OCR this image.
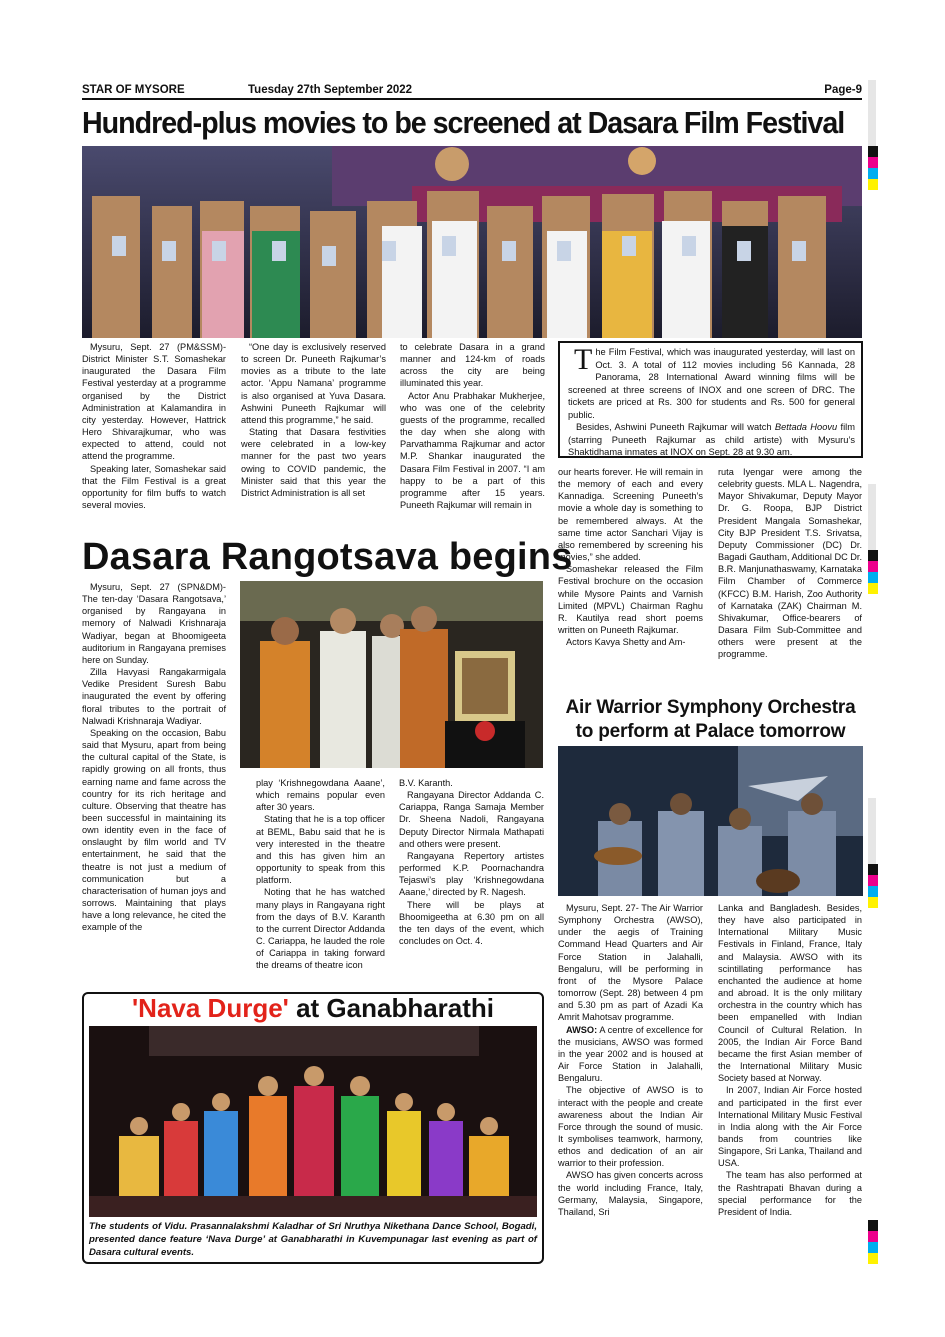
STAR OF MYSORE	Tuesday 27th September 2022	Page-9
Hundred-plus movies to be screened at Dasara Film Festival

Mysuru, Sept. 27 (PM&SSM)- District Minister S.T. Somashekar inaugurated the Dasara Film Festival yesterday at a programme organised by the District Administration at Kalamandira in city yesterday. However, Hattrick Hero Shivarajkumar, who was expected to attend, could not attend the programme.

Speaking later, Somashekar said that the Film Festival is a great opportunity for film buffs to watch several movies.

“One day is exclusively reserved to screen Dr. Puneeth Rajkumar’s movies as a tribute to the late actor. ‘Appu Namana’ programme is also organised at Yuva Dasara. Ashwini Puneeth Rajkumar will attend this programme,” he said.

Stating that Dasara festivities were celebrated in a low-key manner for the past two years owing to COVID pandemic, the Minister said that this year the District Administration is all set

to celebrate Dasara in a grand manner and 124-km of roads across the city are being illuminated this year.

Actor Anu Prabhakar Mukherjee, who was one of the celebrity guests of the programme, recalled the day when she along with Parvathamma Rajkumar and actor M.P. Shankar inaugurated the Dasara Film Festival in 2007. “I am happy to be a part of this programme after 15 years. Puneeth Rajkumar will remain in

The Film Festival, which was inaugurated yesterday, will last on Oct. 3. A total of 112 movies including 56 Kannada, 28 Panorama, 28 International Award winning films will be screened at three screens of INOX and one screen of DRC. The tickets are priced at Rs. 300 for students and Rs. 500 for general public.

Besides, Ashwini Puneeth Rajkumar will watch Bettada Hoovu film (starring Puneeth Rajkumar as child artiste) with Mysuru’s Shaktidhama inmates at INOX on Sept. 28 at 9.30 am.

our hearts forever. He will remain in the memory of each and every Kannadiga. Screening Puneeth’s movie a whole day is something to be remembered always. At the same time actor Sanchari Vijay is also remembered by screening his movies,” she added.

Somashekar released the Film Festival brochure on the occasion while Mysore Paints and Varnish Limited (MPVL) Chairman Raghu R. Kautilya read short poems written on Puneeth Rajkumar.

Actors Kavya Shetty and Am-

ruta Iyengar were among the celebrity guests. MLA L. Nagendra, Mayor Shivakumar, Deputy Mayor Dr. G. Roopa, BJP District President Mangala Somashekar, City BJP President T.S. Srivatsa, Deputy Commissioner (DC) Dr. Bagadi Gautham, Additional DC Dr. B.R. Manjunathaswamy, Karnataka Film Chamber of Commerce (KFCC) B.M. Harish, Zoo Authority of Karnataka (ZAK) Chairman M. Shivakumar, Office-bearers of Dasara Film Sub-Committee and others were present at the programme.

Dasara Rangotsava begins

Mysuru, Sept. 27 (SPN&DM)- The ten-day ‘Dasara Rangotsava,’ organised by Rangayana in memory of Nalwadi Krishnaraja Wadiyar, began at Bhoomigeeta auditorium in Rangayana premises here on Sunday.

Zilla Havyasi Rangakarmigala Vedike President Suresh Babu inaugurated the event by offering floral tributes to the portrait of Nalwadi Krishnaraja Wadiyar.

Speaking on the occasion, Babu said that Mysuru, apart from being the cultural capital of the State, is rapidly growing on all fronts, thus earning name and fame across the country for its rich heritage and culture. Observing that theatre has been successful in maintaining its own identity even in the face of onslaught by film world and TV entertainment, he said that the theatre is not just a medium of communication but a characterisation of human joys and sorrows. Maintaining that plays have a long relevance, he cited the example of the

play ‘Krishnegowdana Aaane’, which remains popular even after 30 years.

Stating that he is a top officer at BEML, Babu said that he is very interested in the theatre and this has given him an opportunity to speak from this platform.

Noting that he has watched many plays in Rangayana right from the days of B.V. Karanth to the current Director Addanda C. Cariappa, he lauded the role of Cariappa in taking forward the dreams of theatre icon

B.V. Karanth.

Rangayana Director Addanda C. Cariappa, Ranga Samaja Member Dr. Sheena Nadoli, Rangayana Deputy Director Nirmala Mathapati and others were present.

Rangayana Repertory artistes performed K.P. Poornachandra Tejaswi’s play ‘Krishnegowdana Aaane,’ directed by R. Nagesh.

There will be plays at Bhoomigeetha at 6.30 pm on all the ten days of the event, which concludes on Oct. 4.

Air Warrior Symphony Orchestra
to perform at Palace tomorrow

Mysuru, Sept. 27- The Air Warrior Symphony Orchestra (AWSO), under the aegis of Training Command Head Quarters and Air Force Station in Jalahalli, Bengaluru, will be performing in front of the Mysore Palace tomorrow (Sept. 28) between 4 pm and 5.30 pm as part of Azadi Ka Amrit Mahotsav programme.

AWSO: A centre of excellence for the musicians, AWSO was formed in the year 2002 and is housed at Air Force Station in Jalahalli, Bengaluru.

The objective of AWSO is to interact with the people and create awareness about the Indian Air Force through the sound of music. It symbolises teamwork, harmony, ethos and dedication of an air warrior to their profession.

AWSO has given concerts across the world including France, Italy, Germany, Malaysia, Singapore, Thailand, Sri

Lanka and Bangladesh. Besides, they have also participated in International Military Music Festivals in Finland, France, Italy and Malaysia. AWSO with its scintillating performance has enchanted the audience at home and abroad. It is the only military orchestra in the country which has been empanelled with Indian Council of Cultural Relation. In 2005, the Indian Air Force Band became the first Asian member of the International Military Music Society based at Norway.

In 2007, Indian Air Force hosted and participated in the first ever International Military Music Festival in India along with the Air Force bands from countries like Singapore, Sri Lanka, Thailand and USA.

The team has also performed at the Rashtrapati Bhavan during a special performance for the President of India.

'Nava Durge' at Ganabharathi
The students of Vidu. Prasannalakshmi Kaladhar of Sri Nruthya Nikethana Dance School, Bogadi, presented dance feature ‘Nava Durge’ at Ganabharathi in Kuvempunagar last evening as part of Dasara cultural events.
